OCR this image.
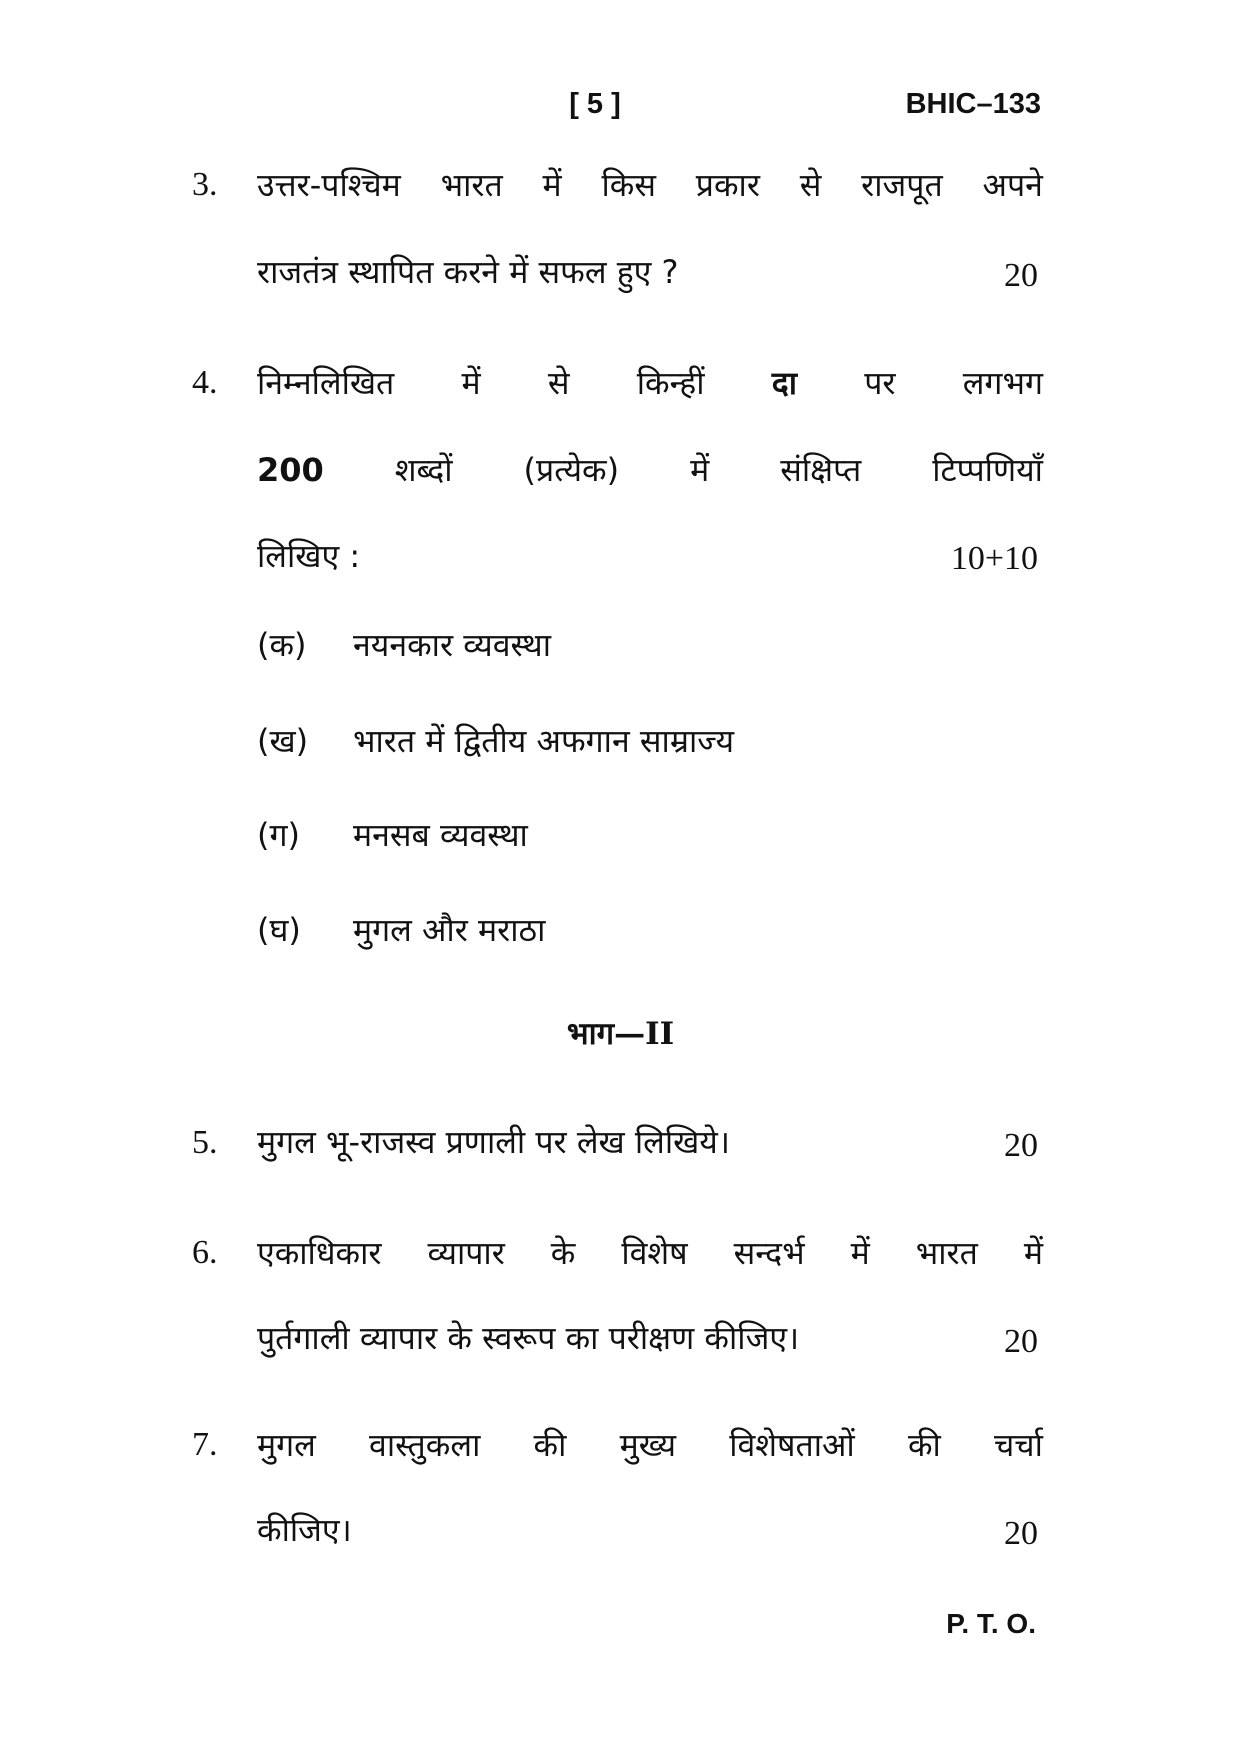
[ 5 ]	BHIC–133
3. उत्तर-पश्चिम भारत में किस प्रकार से राजपूत अपने
राजतंत्र स्थापित करने में सफल हुए ?	20
4. निम्नलिखित में से किन्हीं दा पर लगभग
200 शब्दों (प्रत्येक) में संक्षिप्त टिप्पणियाँ
लिखिए :	10+10
(क) नयनकार व्यवस्था
(ख) भारत में द्वितीय अफगान साम्राज्य
(ग) मनसब व्यवस्था
(घ) मुगल और मराठा
भाग—II
5. मुगल भू-राजस्व प्रणाली पर लेख लिखिये।	20
6. एकाधिकार व्यापार के विशेष सन्दर्भ में भारत में
पुर्तगाली व्यापार के स्वरूप का परीक्षण कीजिए।	20
7. मुगल वास्तुकला की मुख्य विशेषताओं की चर्चा
कीजिए।	20
P. T. O.
